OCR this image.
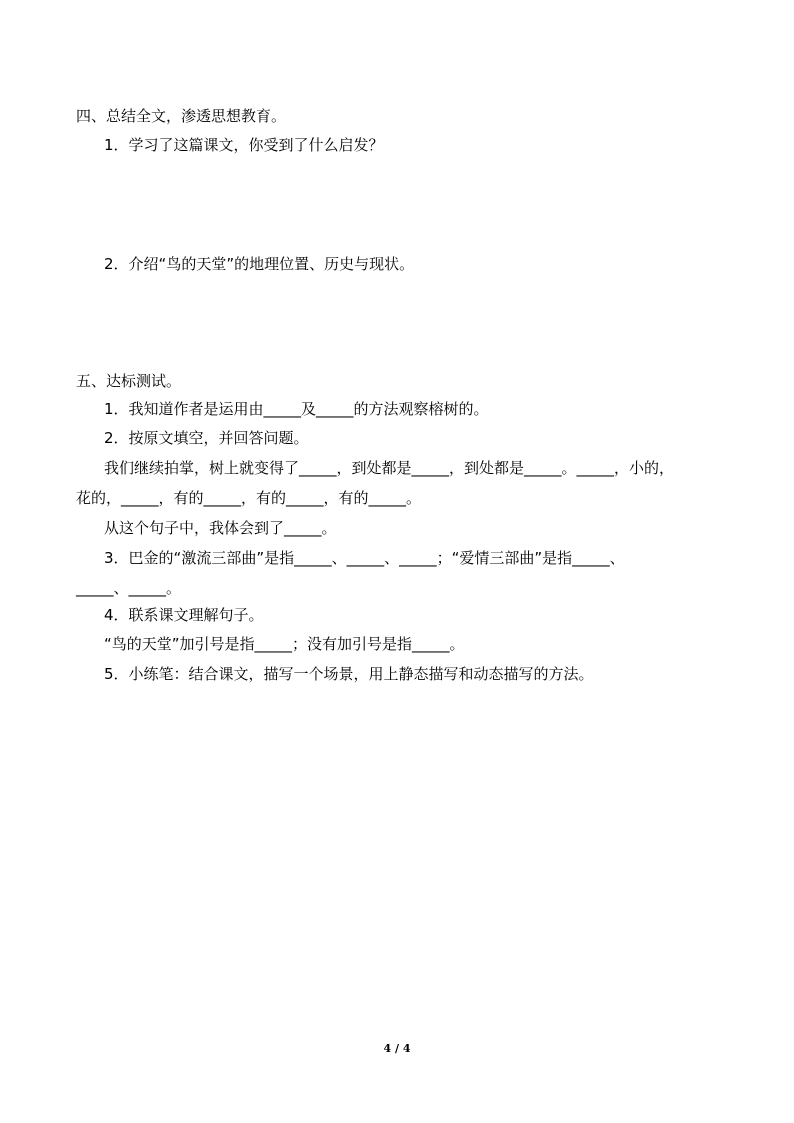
四、总结全文，渗透思想教育。
1．学习了这篇课文，你受到了什么启发？
2．介绍“鸟的天堂”的地理位置、历史与现状。
五、达标测试。
1．我知道作者是运用由_____及_____的方法观察榕树的。
2．按原文填空，并回答问题。
我们继续拍掌，树上就变得了_____，到处都是_____，到处都是_____。_____，小的，
花的，_____，有的_____，有的_____，有的_____。
从这个句子中，我体会到了_____。
3．巴金的“激流三部曲”是指_____、_____、_____；“爱情三部曲”是指_____、
_____、_____。
4．联系课文理解句子。
“鸟的天堂”加引号是指_____；没有加引号是指_____。
5．小练笔：结合课文，描写一个场景，用上静态描写和动态描写的方法。
4 / 4
